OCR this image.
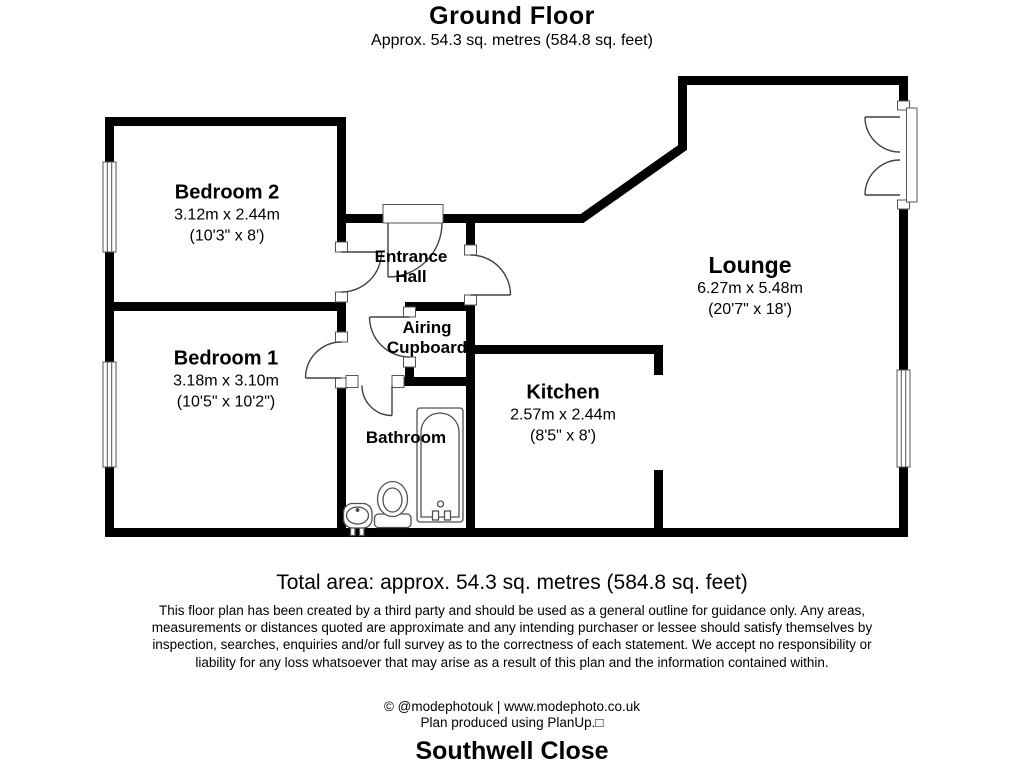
Ground Floor
Approx. 54.3 sq. metres (584.8 sq. feet)
Bedroom 2
3.12m x 2.44m
(10'3" x 8')
Bedroom 1
3.18m x 3.10m
(10'5" x 10'2")
Entrance Hall
Airing Cupboard
Bathroom
Kitchen
2.57m x 2.44m
(8'5" x 8')
Lounge
6.27m x 5.48m
(20'7" x 18')
Total area: approx. 54.3 sq. metres (584.8 sq. feet)
This floor plan has been created by a third party and should be used as a general outline for guidance only. Any areas, measurements or distances quoted are approximate and any intending purchaser or lessee should satisfy themselves by inspection, searches, enquiries and/or full survey as to the correctness of each statement. We accept no responsibility or liability for any loss whatsoever that may arise as a result of this plan and the information contained within.
© @modephotouk | www.modephoto.co.uk
Plan produced using PlanUp.□
Southwell Close
